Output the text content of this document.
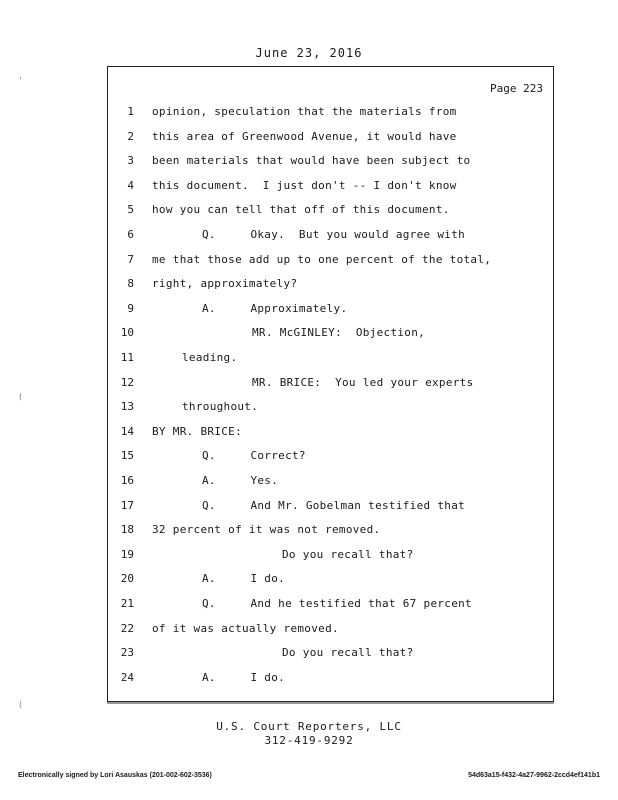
June 23, 2016
Page 223
1 opinion, speculation that the materials from
2 this area of Greenwood Avenue, it would have
3 been materials that would have been subject to
4 this document.  I just don't -- I don't know
5 how you can tell that off of this document.
6	Q.     Okay.  But you would agree with
7 me that those add up to one percent of the total,
8 right, approximately?
9	A.     Approximately.
10	MR. McGINLEY:  Objection,
11	leading.
12	MR. BRICE:  You led your experts
13	throughout.
14 BY MR. BRICE:
15	Q.     Correct?
16	A.     Yes.
17	Q.     And Mr. Gobelman testified that
18 32 percent of it was not removed.
19	Do you recall that?
20	A.     I do.
21	Q.     And he testified that 67 percent
22 of it was actually removed.
23	Do you recall that?
24	A.     I do.
U.S. Court Reporters, LLC
312-419-9292
Electronically signed by Lori Asauskas (201-002-602-3536)	54d63a15-f432-4a27-9962-2ccd4ef141b1
'
(
(
